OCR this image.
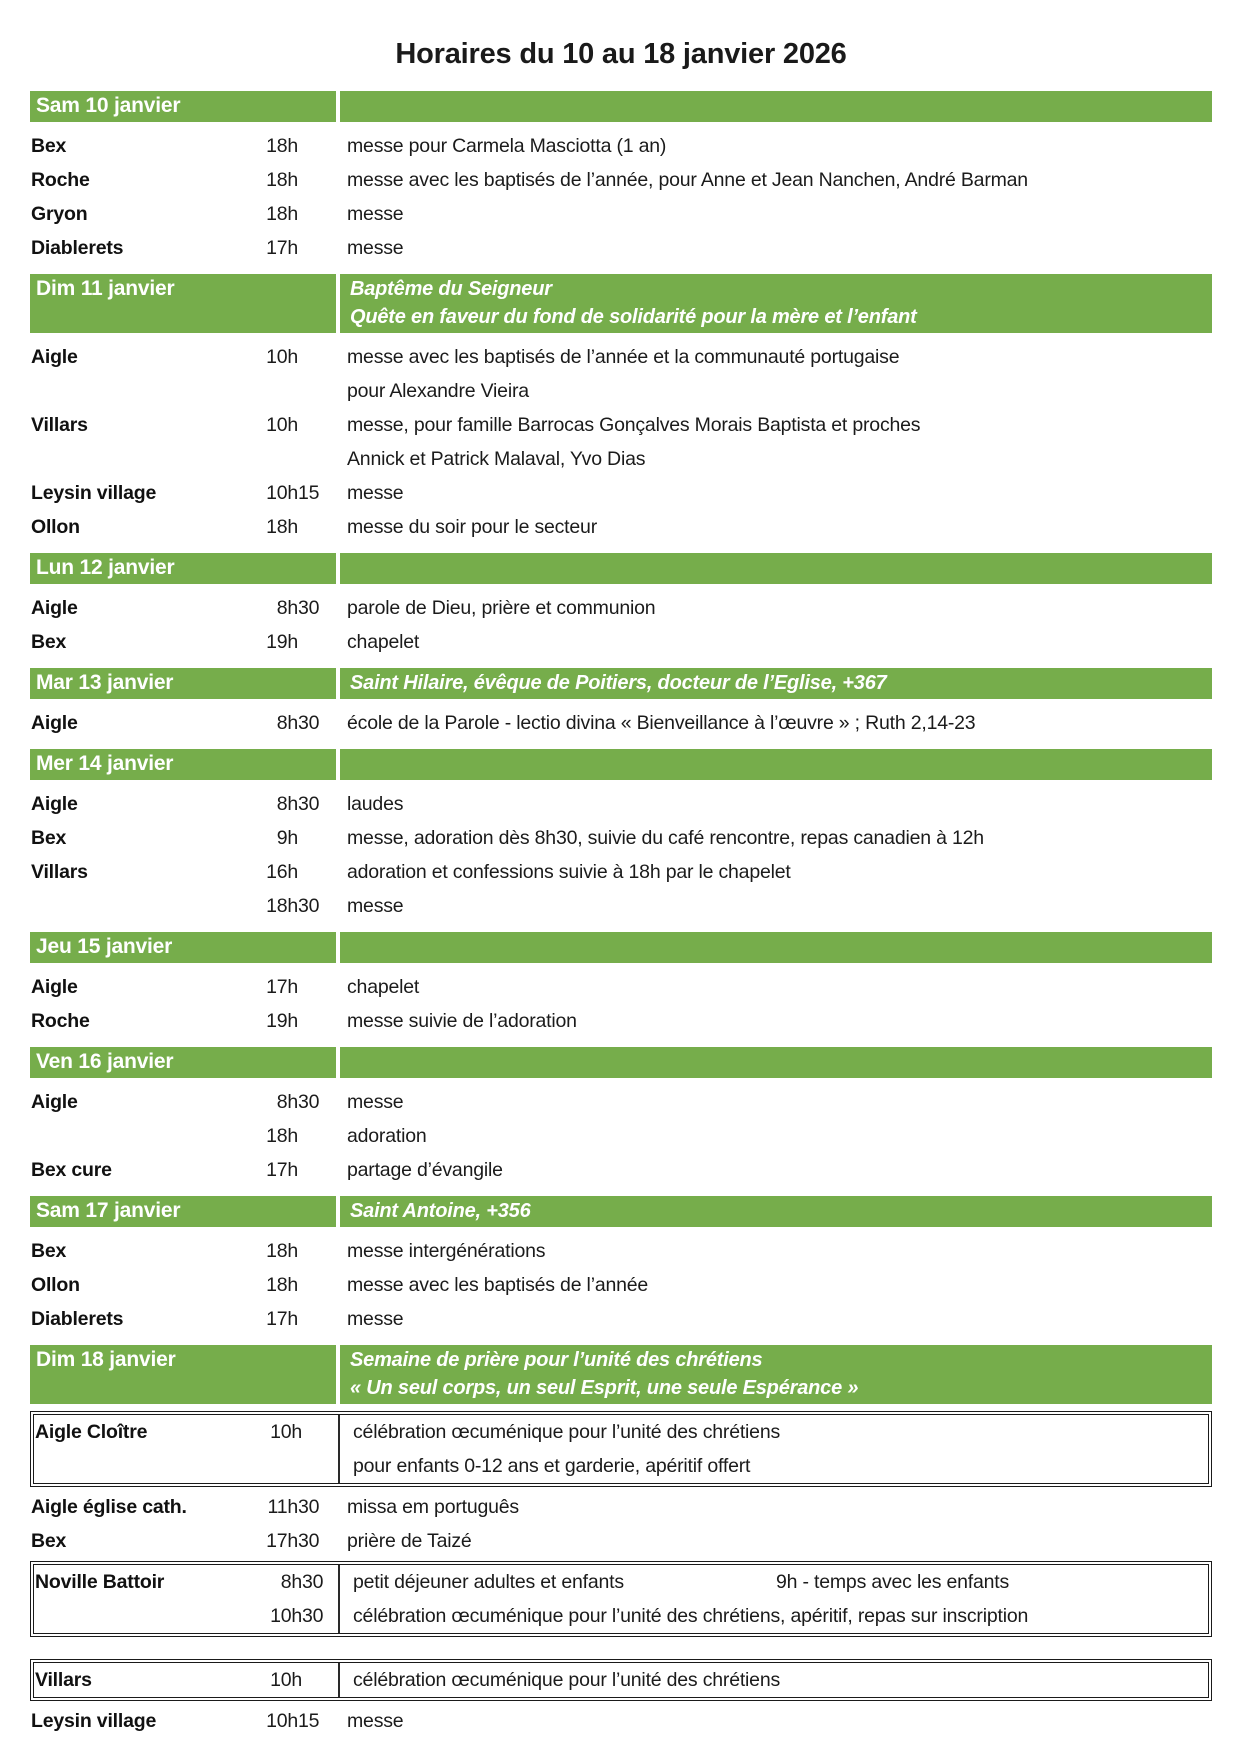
Horaires du 10 au 18 janvier 2026
Sam 10 janvier
Bex	18h	messe pour Carmela Masciotta (1 an)
Roche	18h	messe avec les baptisés de l’année, pour Anne et Jean Nanchen, André Barman
Gryon	18h	messe
Diablerets	17h	messe
Dim 11 janvier	Baptême du Seigneur
Quête en faveur du fond de solidarité pour la mère et l’enfant
Aigle	10h	messe avec les baptisés de l’année et la communauté portugaise
pour Alexandre Vieira
Villars	10h	messe, pour famille Barrocas Gonçalves Morais Baptista et proches
Annick et Patrick Malaval, Yvo Dias
Leysin village	10h 15	messe
Ollon	18h	messe du soir pour le secteur
Lun 12 janvier
Aigle	8h 30	parole de Dieu, prière et communion
Bex	19h	chapelet
Mar 13 janvier	Saint Hilaire, évêque de Poitiers, docteur de l’Eglise, +367
Aigle	8h 30	école de la Parole - lectio divina « Bienveillance à l’œuvre » ; Ruth 2,14-23
Mer 14 janvier
Aigle	8h 30	laudes
Bex	9h	messe, adoration dès 8h30, suivie du café rencontre, repas canadien à 12h
Villars	16h	adoration et confessions suivie à 18h par le chapelet
18h 30	messe
Jeu 15 janvier
Aigle	17h	chapelet
Roche	19h	messe suivie de l’adoration
Ven 16 janvier
Aigle	8h 30	messe
18h	adoration
Bex cure	17h	partage d’évangile
Sam 17 janvier	Saint Antoine, +356
Bex	18h	messe intergénérations
Ollon	18h	messe avec les baptisés de l’année
Diablerets	17h	messe
Dim 18 janvier	Semaine de prière pour l’unité des chrétiens
« Un seul corps, un seul Esprit, une seule Espérance »
Aigle Cloître	10h	célébration œcuménique pour l’unité des chrétiens
pour enfants 0-12 ans et garderie, apéritif offert
Aigle église cath.	11h 30	missa em português
Bex	17h 30	prière de Taizé
Noville Battoir	8h 30	petit déjeuner adultes et enfants	9h - temps avec les enfants
10h 30	célébration œcuménique pour l’unité des chrétiens, apéritif, repas sur inscription
Villars	10h	célébration œcuménique pour l’unité des chrétiens
Leysin village	10h 15	messe
